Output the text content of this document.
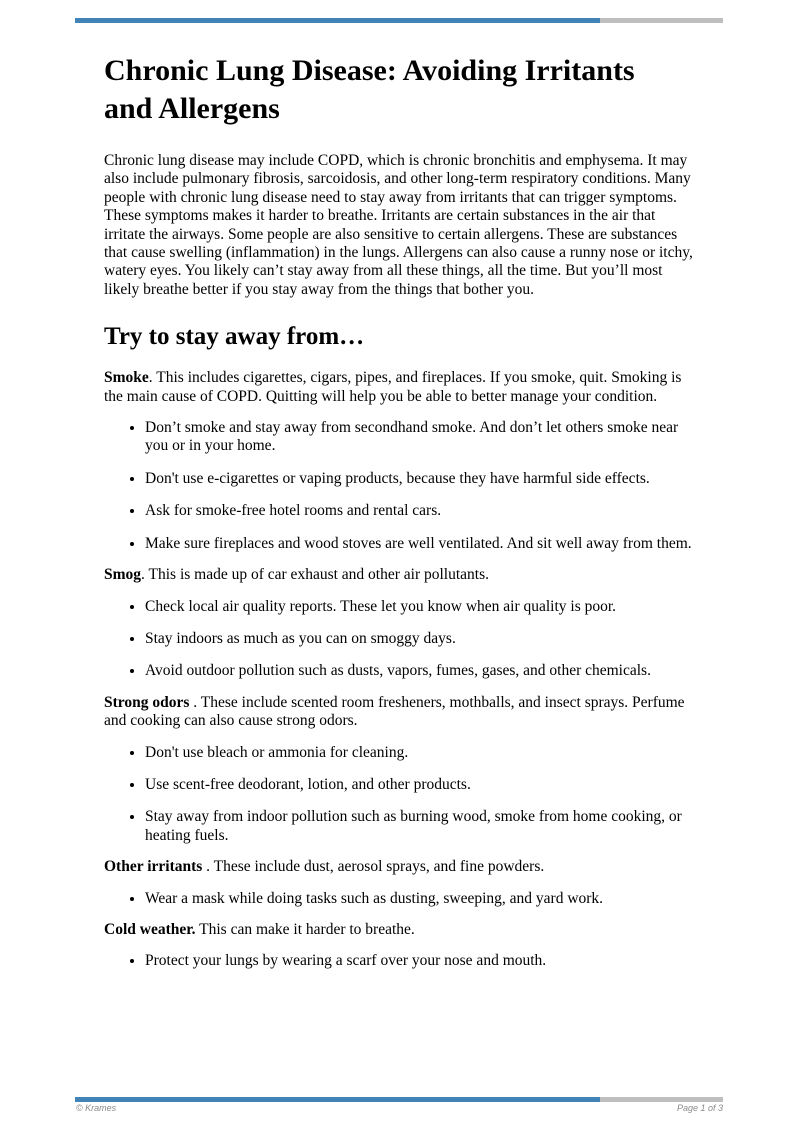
Chronic Lung Disease: Avoiding Irritants
and Allergens

Chronic lung disease may include COPD, which is chronic bronchitis and emphysema. It may also include pulmonary fibrosis, sarcoidosis, and other long-term respiratory conditions. Many people with chronic lung disease need to stay away from irritants that can trigger symptoms. These symptoms makes it harder to breathe. Irritants are certain substances in the air that irritate the airways. Some people are also sensitive to certain allergens. These are substances that cause swelling (inflammation) in the lungs. Allergens can also cause a runny nose or itchy, watery eyes. You likely can’t stay away from all these things, all the time. But you’ll most likely breathe better if you stay away from the things that bother you.

Try to stay away from…

Smoke. This includes cigarettes, cigars, pipes, and fireplaces. If you smoke, quit. Smoking is the main cause of COPD. Quitting will help you be able to better manage your condition.

• Don’t smoke and stay away from secondhand smoke. And don’t let others smoke near you or in your home.
• Don't use e-cigarettes or vaping products, because they have harmful side effects.
• Ask for smoke-free hotel rooms and rental cars.
• Make sure fireplaces and wood stoves are well ventilated. And sit well away from them.

Smog. This is made up of car exhaust and other air pollutants.

• Check local air quality reports. These let you know when air quality is poor.
• Stay indoors as much as you can on smoggy days.
• Avoid outdoor pollution such as dusts, vapors, fumes, gases, and other chemicals.

Strong odors . These include scented room fresheners, mothballs, and insect sprays. Perfume and cooking can also cause strong odors.

• Don't use bleach or ammonia for cleaning.
• Use scent-free deodorant, lotion, and other products.
• Stay away from indoor pollution such as burning wood, smoke from home cooking, or heating fuels.

Other irritants . These include dust, aerosol sprays, and fine powders.

• Wear a mask while doing tasks such as dusting, sweeping, and yard work.

Cold weather. This can make it harder to breathe.

• Protect your lungs by wearing a scarf over your nose and mouth.
© Krames	Page 1 of 3
